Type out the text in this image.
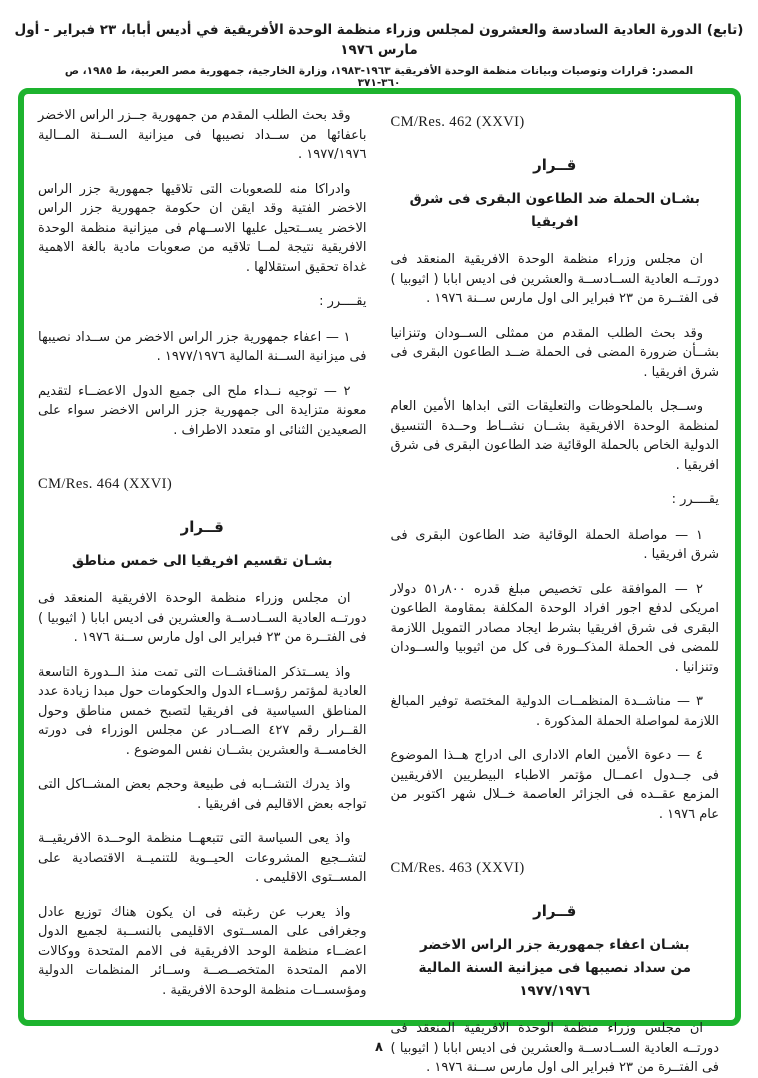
(تابع) الدورة العادية السادسة والعشرون لمجلس وزراء منظمة الوحدة الأفريقية في أديس أبابا، ٢٣ فبراير - أول مارس ١٩٧٦
المصدر: قرارات وتوصيات وبيانات منظمة الوحدة الأفريقية ١٩٦٣-١٩٨٣، وزارة الخارجية، جمهورية مصر العربية، ط ١٩٨٥، ص ٣٦٠-٣٧١
CM/Res. 462 (XXVI)
قــرار
بشـان الحملة ضد الطاعون البقرى فى شرق افريقيا

ان مجلس وزراء منظمة الوحدة الافريقية المنعقد فى دورتــه العادية الســادســة والعشرين فى اديس ابابا ( اثيوبيا ) فى الفتــرة من ٢٣ فبراير الى اول مارس ســنة ١٩٧٦ .

وقد بحث الطلب المقدم من ممثلى الســودان وتنزانيا بشــأن ضرورة المضى فى الحملة ضــد الطاعون البقرى فى شرق افريقيا .

وســجل بالملحوظات والتعليقات التى ابداها الأمين العام لمنظمة الوحدة الافريقية بشــان نشــاط وحــدة التنسيق الدولية الخاص بالحملة الوقائية ضد الطاعون البقرى فى شرق افريقيا .

يقــــرر :

١ — مواصلة الحملة الوقائية ضد الطاعون البقرى فى شرق افريقيا .

٢ — الموافقة على تخصيص مبلغ قدره ٨٠٠ر٥١ دولار امريكى لدفع اجور افراد الوحدة المكلفة بمقاومة الطاعون البقرى فى شرق افريقيا بشرط ايجاد مصادر التمويل اللازمة للمضى فى الحملة المذكــورة فى كل من اثيوبيا والســودان وتنزانيا .

٣ — مناشــدة المنظمــات الدولية المختصة توفير المبالغ اللازمة لمواصلة الحملة المذكورة .

٤ — دعوة الأمين العام الادارى الى ادراج هــذا الموضوع فى جــدول اعمــال مؤتمر الاطباء البيطريين الافريقيين المزمع عقــده فى الجزائر العاصمة خــلال شهر اكتوبر من عام ١٩٧٦ .

CM/Res. 463 (XXVI)
قــرار
بشـان اعفاء جمهورية جزر الراس الاخضر
من سداد نصيبها فى ميزانية السنة المالية
١٩٧٧/١٩٧٦

ان مجلس وزراء منظمة الوحدة الافريقية المنعقد فى دورتــه العادية الســادســة والعشرين فى اديس ابابا ( اثيوبيا ) فى الفتــرة من ٢٣ فبراير الى اول مارس ســنة ١٩٧٦ .

وقد بحث الطلب المقدم من جمهورية جــزر الراس الاخضر باعفائها من ســداد نصيبها فى ميزانية الســنة المــالية ١٩٧٧/١٩٧٦ .

وادراكا منه للصعوبات التى تلاقيها جمهورية جزر الراس الاخضر الفتية وقد ايقن ان حكومة جمهورية جزر الراس الاخضر يســتحيل عليها الاســهام فى ميزانية منظمة الوحدة الافريقية نتيجة لمــا تلاقيه من صعوبات مادية بالغة الاهمية غداة تحقيق استقلالها .

يقــــرر :

١ — اعفاء جمهورية جزر الراس الاخضر من ســداد نصيبها فى ميزانية الســنة المالية ١٩٧٧/١٩٧٦ .

٢ — توجيه نــداء ملح الى جميع الدول الاعضــاء لتقديم معونة متزايدة الى جمهورية جزر الراس الاخضر سواء على الصعيدين الثنائى او متعدد الاطراف .

CM/Res. 464 (XXVI)
قــرار
بشـان تقسيم افريقيا الى خمس مناطق

ان مجلس وزراء منظمة الوحدة الافريقية المنعقد فى دورتــه العادية الســادســة والعشرين فى اديس ابابا ( اثيوبيا ) فى الفتــرة من ٢٣ فبراير الى اول مارس ســنة ١٩٧٦ .

واذ يســتذكر المناقشــات التى تمت منذ الــدورة التاسعة العادية لمؤتمر رؤســاء الدول والحكومات حول مبدا زيادة عدد المناطق السياسية فى افريقيا لتصبح خمس مناطق وحول القــرار رقم ٤٢٧ الصــادر عن مجلس الوزراء فى دورته الخامســة والعشرين بشــان نفس الموضوع .

واذ يدرك التشــابه فى طبيعة وحجم بعض المشــاكل التى تواجه بعض الاقاليم فى افريقيا .

واذ يعى السياسة التى تتبعهــا منظمة الوحــدة الافريقيــة لتشــجيع المشروعات الحيــوية للتنميــة الاقتصادية على المســتوى الاقليمى .

واذ يعرب عن رغبته فى ان يكون هناك توزيع عادل وجغرافى على المســتوى الاقليمى بالنســبة لجميع الدول اعضــاء منظمة الوحد الافريقية فى الامم المتحدة ووكالات الامم المتحدة المتخصــصــة وســائر المنظمات الدولية ومؤسســات منظمة الوحدة الافريقية .

٨
